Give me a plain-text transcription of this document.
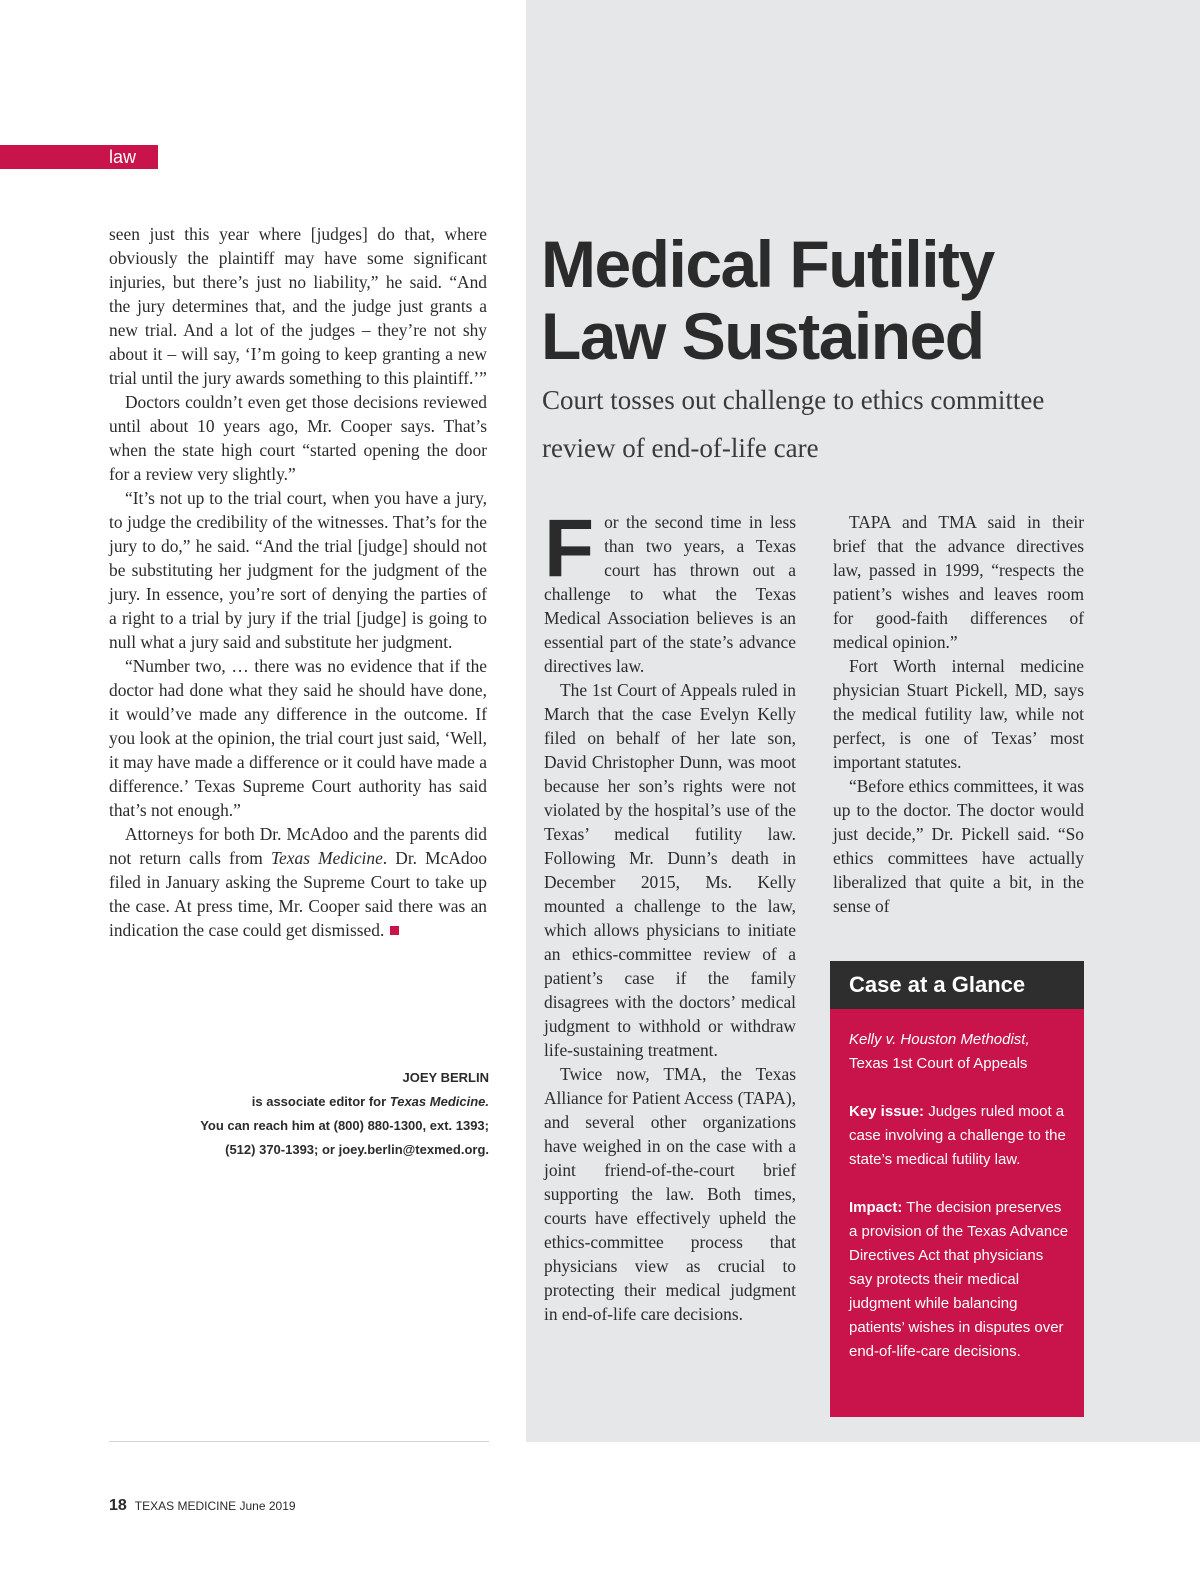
law

seen just this year where [judges] do that, where obviously the plaintiff may have some significant injuries, but there’s just no liability,” he said. “And the jury determines that, and the judge just grants a new trial. And a lot of the judges – they’re not shy about it – will say, ‘I’m going to keep granting a new trial until the jury awards something to this plaintiff.’”

Doctors couldn’t even get those decisions reviewed until about 10 years ago, Mr. Cooper says. That’s when the state high court “started opening the door for a review very slightly.”

“It’s not up to the trial court, when you have a jury, to judge the credibility of the witnesses. That’s for the jury to do,” he said. “And the trial [judge] should not be substituting her judgment for the judgment of the jury. In essence, you’re sort of denying the parties of a right to a trial by jury if the trial [judge] is going to null what a jury said and substitute her judgment.

“Number two, … there was no evidence that if the doctor had done what they said he should have done, it would’ve made any difference in the outcome. If you look at the opinion, the trial court just said, ‘Well, it may have made a difference or it could have made a difference.’ Texas Supreme Court authority has said that’s not enough.”

Attorneys for both Dr. McAdoo and the parents did not return calls from Texas Medicine. Dr. McAdoo filed in January asking the Supreme Court to take up the case. At press time, Mr. Cooper said there was an indication the case could get dismissed.

JOEY BERLIN
is associate editor for Texas Medicine.
You can reach him at (800) 880-1300, ext. 1393;
(512) 370-1393; or joey.berlin@texmed.org.
Medical Futility
Law Sustained
Court tosses out challenge to ethics committee review of end-of-life care

For the second time in less than two years, a Texas court has thrown out a challenge to what the Texas Medical Association believes is an essential part of the state’s advance directives law.

The 1st Court of Appeals ruled in March that the case Evelyn Kelly filed on behalf of her late son, David Christopher Dunn, was moot because her son’s rights were not violated by the hospital’s use of the Texas’ medical futility law. Following Mr. Dunn’s death in December 2015, Ms. Kelly mounted a challenge to the law, which allows physicians to initiate an ethics-committee review of a patient’s case if the family disagrees with the doctors’ medical judgment to withhold or withdraw life-sustaining treatment.

Twice now, TMA, the Texas Alliance for Patient Access (TAPA), and several other organizations have weighed in on the case with a joint friend-of-the-court brief supporting the law. Both times, courts have effectively upheld the ethics-committee process that physicians view as crucial to protecting their medical judgment in end-of-life care decisions.

TAPA and TMA said in their brief that the advance directives law, passed in 1999, “respects the patient’s wishes and leaves room for good-faith differences of medical opinion.”

Fort Worth internal medicine physician Stuart Pickell, MD, says the medical futility law, while not perfect, is one of Texas’ most important statutes.

“Before ethics committees, it was up to the doctor. The doctor would just decide,” Dr. Pickell said. “So ethics committees have actually liberalized that quite a bit, in the sense of

Case at a Glance

Kelly v. Houston Methodist,
Texas 1st Court of Appeals

Key issue: Judges ruled moot a case involving a challenge to the state’s medical futility law.

Impact: The decision preserves a provision of the Texas Advance Directives Act that physicians say protects their medical judgment while balancing patients’ wishes in disputes over end-of-life-care decisions.

18 TEXAS MEDICINE June 2019
